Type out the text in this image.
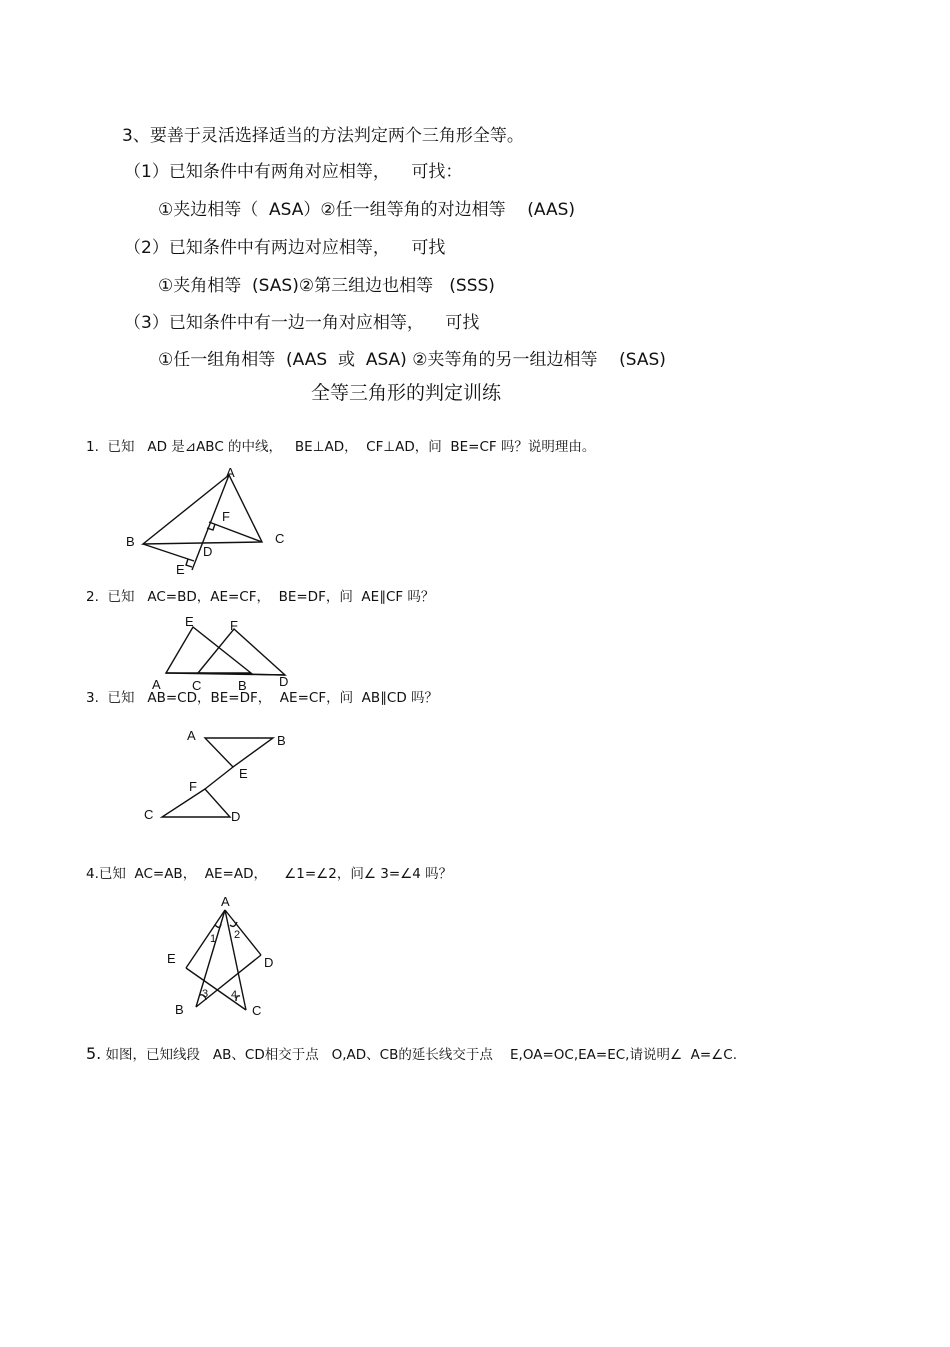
3、要善于灵活选择适当的方法判定两个三角形全等。
（1）已知条件中有两角对应相等，    可找：
①夹边相等（  ASA）②任一组等角的对边相等    (AAS)
（2）已知条件中有两边对应相等，    可找
①夹角相等  (SAS)②第三组边也相等   (SSS)
（3）已知条件中有一边一角对应相等，    可找
①任一组角相等  (AAS  或  ASA) ②夹等角的另一组边相等    (SAS)
全等三角形的判定训练
1.  已知   AD 是⊿ABC 的中线，   BE⊥AD，  CF⊥AD，问  BE=CF 吗？说明理由。
2.  已知   AC=BD，AE=CF，  BE=DF，问  AE∥CF 吗？
3.  已知   AB=CD，BE=DF，  AE=CF，问  AB∥CD 吗？
4.已知  AC=AB，  AE=AD，    ∠1=∠2，问∠ 3=∠4 吗？
5. 如图，已知线段   AB、CD相交于点   O,AD、CB的延长线交于点    E,OA=OC,EA=EC,请说明∠  A=∠C.
A
B	C
D
E
F
E	F
A C	B D
A	B
E
F
C	D
A
E	D
B	C
1 2
3 4
